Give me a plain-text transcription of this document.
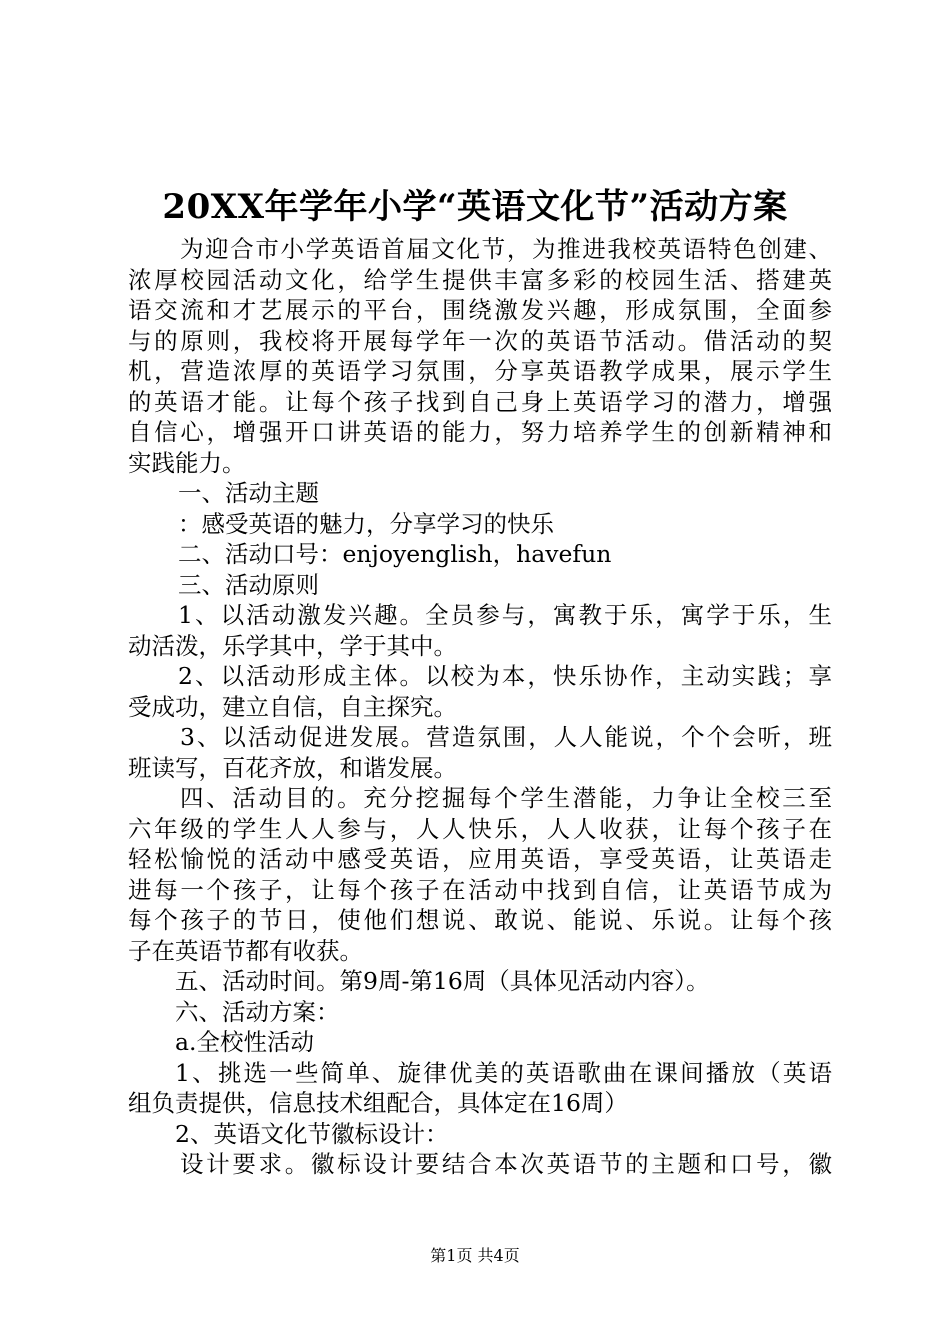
20XX年学年小学“英语文化节”活动方案
为迎合市小学英语首届文化节，为推进我校英语特色创建、
浓厚校园活动文化，给学生提供丰富多彩的校园生活、搭建英
语交流和才艺展示的平台，围绕激发兴趣，形成氛围，全面参
与的原则，我校将开展每学年一次的英语节活动。借活动的契
机，营造浓厚的英语学习氛围，分享英语教学成果，展示学生
的英语才能。让每个孩子找到自己身上英语学习的潜力，增强
自信心，增强开口讲英语的能力，努力培养学生的创新精神和
实践能力。
一、活动主题
：感受英语的魅力，分享学习的快乐
二、活动口号：enjoyenglish，havefun
三、活动原则
1、以活动激发兴趣。全员参与，寓教于乐，寓学于乐，生
动活泼，乐学其中，学于其中。
2、以活动形成主体。以校为本，快乐协作，主动实践；享
受成功，建立自信，自主探究。
3、以活动促进发展。营造氛围，人人能说，个个会听，班
班读写，百花齐放，和谐发展。
四、活动目的。充分挖掘每个学生潜能，力争让全校三至
六年级的学生人人参与，人人快乐，人人收获，让每个孩子在
轻松愉悦的活动中感受英语，应用英语，享受英语，让英语走
进每一个孩子，让每个孩子在活动中找到自信，让英语节成为
每个孩子的节日，使他们想说、敢说、能说、乐说。让每个孩
子在英语节都有收获。
五、活动时间。第9周-第16周（具体见活动内容）。
六、活动方案：
a.全校性活动
1、挑选一些简单、旋律优美的英语歌曲在课间播放（英语
组负责提供，信息技术组配合，具体定在16周）
2、英语文化节徽标设计：
设计要求。徽标设计要结合本次英语节的主题和口号，徽
第1页 共4页
